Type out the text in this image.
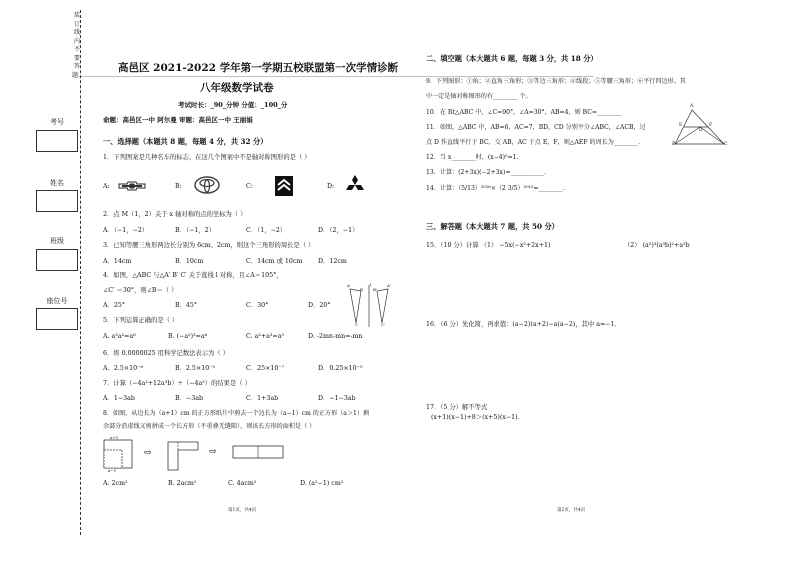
装订线内不要答题……………………………………………………………………………………………………………………………………………………………………………………………………………………………………
考号
姓名
班级
座位号
高邑区 2021-2022 学年第一学期五校联盟第一次学情诊断
八年级数学试卷
考试时长：_90_分钟 分值：_100_分
命题：高邑区一中 阿尔曼 审题：高邑区一中 王丽娟
一、选择题（本题共 8 题，每题 4 分，共 32 分）
1．下列图案是几种名车的标志，在这几个图案中不是轴对称图形的是（ ）
A:	B:	C:	D:
2．点 M（1，2）关于 x 轴对称的点的坐标为（ ）
A．（−1，−2）	B．（−1，2）	C．（1，−2）	D．（2，−1）
3．已知等腰三角形两边长分别为 6cm、2cm，则这个三角形的周长是（ ）
A．14cm	B．10cm	C．14cm 或 10cm D．12cm
4．如图，△ABC 与△A′ B′ C′ 关于直线 l 对称，且∠A＝105°，
∠C′ ＝30°，则∠B＝（ ）
A．25°	B．45°	C．30°	D．20°
A
B
C
l	A'
B'
C'
5．下列运算正确的是（ ）
A. a³a²=a⁶	B. (−a²)³=a⁶	C. a²+a³=a⁵	D. -2mn-mn=-mn
6．将 0.0000025 用科学记数法表示为（ ）
A．2.5×10⁻⁶	B．2.5×10⁻⁵	C．25×10⁻⁷	D．0.25×10⁻⁵
7．计算（−4a²+12a³b）÷（−4a²）的结果是（ ）
A．1−3ab	B．−3ab	C．1+3ab	D．−1−3ab
8．如图，从边长为（a+1）cm 的正方形纸片中剪去一个边长为（a−1）cm 的正方形（a＞1）剩
余部分沿虚线又剪拼成一个长方形（不重叠无缝隙），则该长方形的面积是（ ）
a+1
a−1
⇨	⇨
A. 2cm²	B. 2acm²	C. 4acm²	D. (a²−1) cm²
第1页，共4页
二、填空题（本大题共 6 题，每题 3 分，共 18 分）
9．下列图形：①角；②直角三角形；③等边三角形；④线段；⑤等腰三角形；⑥平行四边形。其
中一定是轴对称图形的有________ 个。
10．在 Rt△ABC 中，∠C=90°，∠A=30°，AB=4，则 BC=________
11．如图，△ABC 中，AB=6，AC=7，BD，CD 分别平分∠ABC，∠ACB，过
点 D 作直线平行于 BC，交 AB，AC 于点 E，F，则△AEF 的周长为________．
12．当 x________时，(x−4)⁰=1.
13．计算：(2+3x)(−2+3x)=___________.
14．计算：（5/13）²⁰¹⁶×（2 3/5）²⁰¹⁵=________.
A
B	C
D
E	F
三、解答题（本大题共 7 题，共 50 分）
15．（10 分）计算 （1） −5x(−x²+2x+1)	（2） (a²)³(a³b)²+a²b
16．（6 分）先化简，再求值：(a−2)(a+2)−a(a−2)，其中 a=−1．
17．（5 分）解不等式
(x+1)(x−1)+8＞(x+5)(x−1).
第2页，共4页
